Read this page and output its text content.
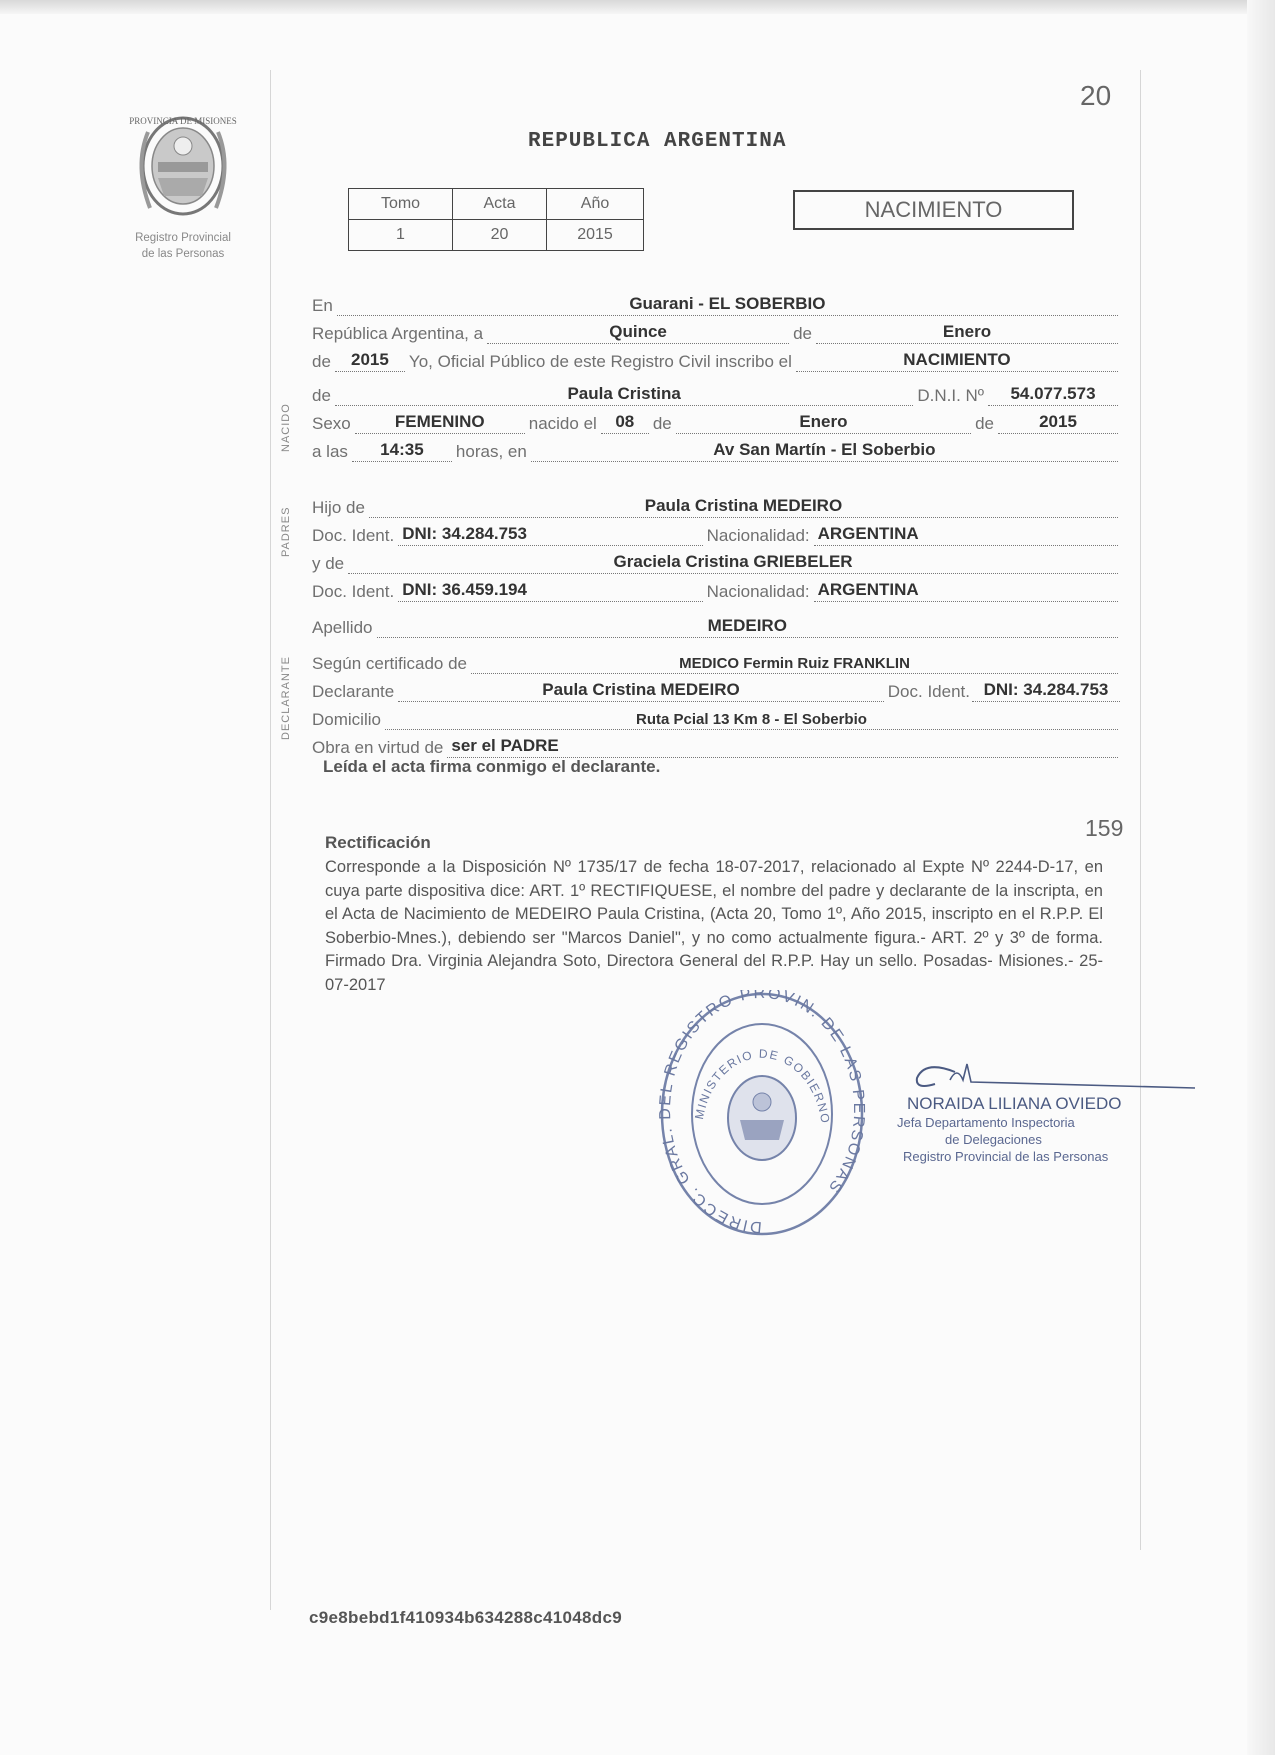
20
PROVINCIA DE MISIONES
Registro Provincial
de las Personas
REPUBLICA ARGENTINA
Tomo	Acta	Año
1	20	2015
NACIMIENTO
NACIDO
PADRES
DECLARANTE
En	Guarani - EL SOBERBIO
República Argentina, a	Quince	de	Enero
de	2015	Yo, Oficial Público de este Registro Civil inscribo el	NACIMIENTO
de	Paula Cristina	D.N.I. Nº	54.077.573
Sexo	FEMENINO	nacido el	08	de	Enero	de	2015
a las	14:35	horas, en	Av San Martín - El Soberbio
Hijo de	Paula Cristina MEDEIRO
Doc. Ident. DNI: 34.284.753	Nacionalidad: ARGENTINA
y de	Graciela Cristina GRIEBELER
Doc. Ident. DNI: 36.459.194	Nacionalidad: ARGENTINA
Apellido	MEDEIRO
Según certificado de	MEDICO Fermin Ruiz FRANKLIN
Declarante	Paula Cristina MEDEIRO	Doc. Ident. DNI: 34.284.753
Domicilio	Ruta Pcial 13 Km 8 - El Soberbio
Obra en virtud de ser el PADRE
Leída el acta firma conmigo el declarante.
159
Rectificación
Corresponde a la Disposición Nº 1735/17 de fecha 18-07-2017, relacionado al Expte Nº 2244-D-17, en cuya parte dispositiva dice: ART. 1º RECTIFIQUESE, el nombre del padre y declarante de la inscripta, en el Acta de Nacimiento de MEDEIRO Paula Cristina, (Acta 20, Tomo 1º, Año 2015, inscripto en el R.P.P. El Soberbio-Mnes.), debiendo ser "Marcos Daniel", y no como actualmente figura.- ART. 2º y 3º de forma. Firmado Dra. Virginia Alejandra Soto, Directora General del R.P.P. Hay un sello. Posadas- Misiones.- 25-07-2017
DIRECC. GRAL. DEL REGISTRO PROVIN. DE LAS PERSONAS
MINISTERIO DE GOBIERNO
NORAIDA LILIANA OVIEDO
Jefa Departamento Inspectoria
de Delegaciones
Registro Provincial de las Personas
c9e8bebd1f410934b634288c41048dc9
